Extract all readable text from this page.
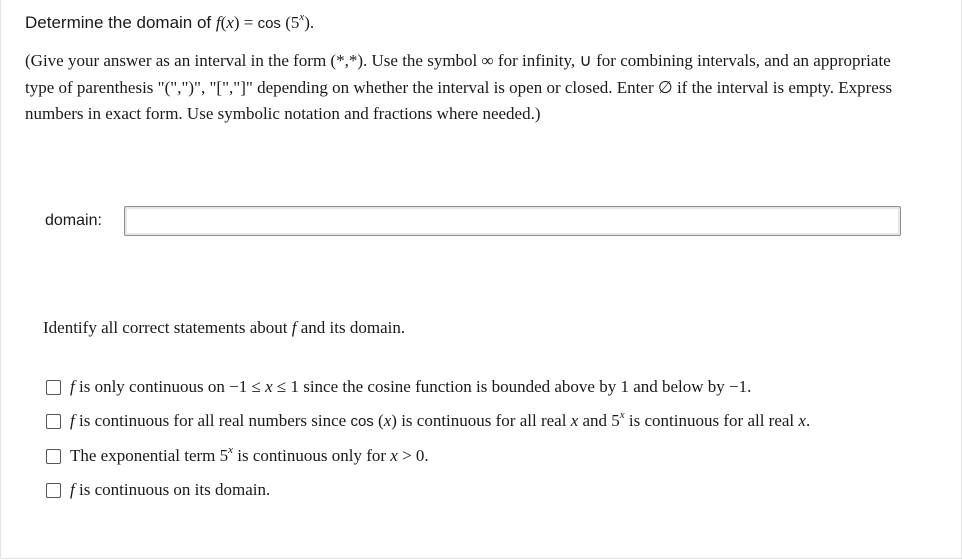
Determine the domain of f(x) = cos (5$^x$).
(Give your answer as an interval in the form (*,*). Use the symbol ∞ for infinity, ∪ for combining intervals, and an appropriate
type of parenthesis "(",")", "[","]" depending on whether the interval is open or closed. Enter ∅ if the interval is empty. Express
numbers in exact form. Use symbolic notation and fractions where needed.)
domain:
Identify all correct statements about f and its domain.
f is only continuous on −1 ≤ x ≤ 1 since the cosine function is bounded above by 1 and below by −1.
f is continuous for all real numbers since cos (x) is continuous for all real x and 5$^x$ is continuous for all real x.
The exponential term 5$^x$ is continuous only for x > 0.
f is continuous on its domain.
